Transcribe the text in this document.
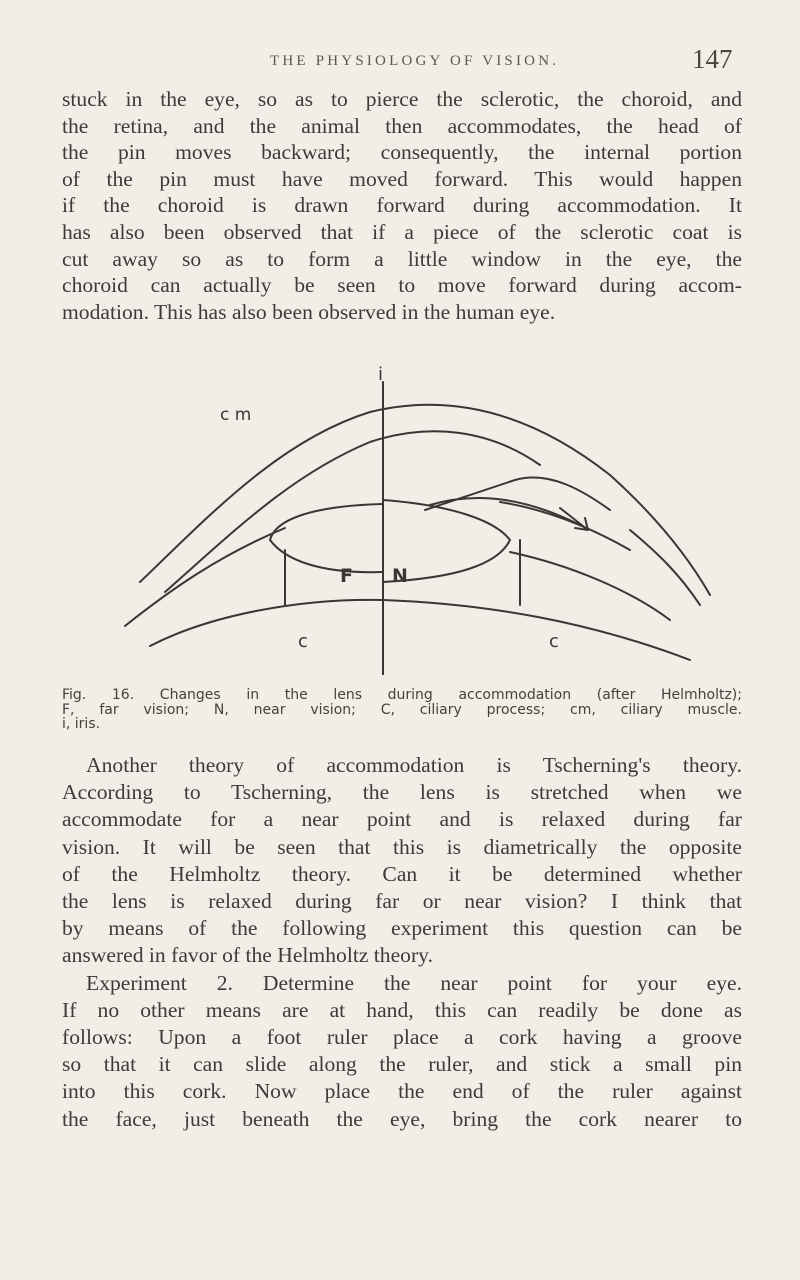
THE PHYSIOLOGY OF VISION.	147
stuck in the eye, so as to pierce the sclerotic, the choroid, and
the retina, and the animal then accommodates, the head of
the pin moves backward; consequently, the internal portion
of the pin must have moved forward. This would happen
if the choroid is drawn forward during accommodation. It
has also been observed that if a piece of the sclerotic coat is
cut away so as to form a little window in the eye, the
choroid can actually be seen to move forward during accom-
modation. This has also been observed in the human eye.
i
c m
F N
c	c
Fig. 16. Changes in the lens during accommodation (after Helmholtz);
F, far vision; N, near vision; C, ciliary process; cm, ciliary muscle.
i, iris.
Another theory of accommodation is Tscherning's theory.
According to Tscherning, the lens is stretched when we
accommodate for a near point and is relaxed during far
vision. It will be seen that this is diametrically the opposite
of the Helmholtz theory. Can it be determined whether
the lens is relaxed during far or near vision? I think that
by means of the following experiment this question can be
answered in favor of the Helmholtz theory.
Experiment 2. Determine the near point for your eye.
If no other means are at hand, this can readily be done as
follows: Upon a foot ruler place a cork having a groove
so that it can slide along the ruler, and stick a small pin
into this cork. Now place the end of the ruler against
the face, just beneath the eye, bring the cork nearer to
